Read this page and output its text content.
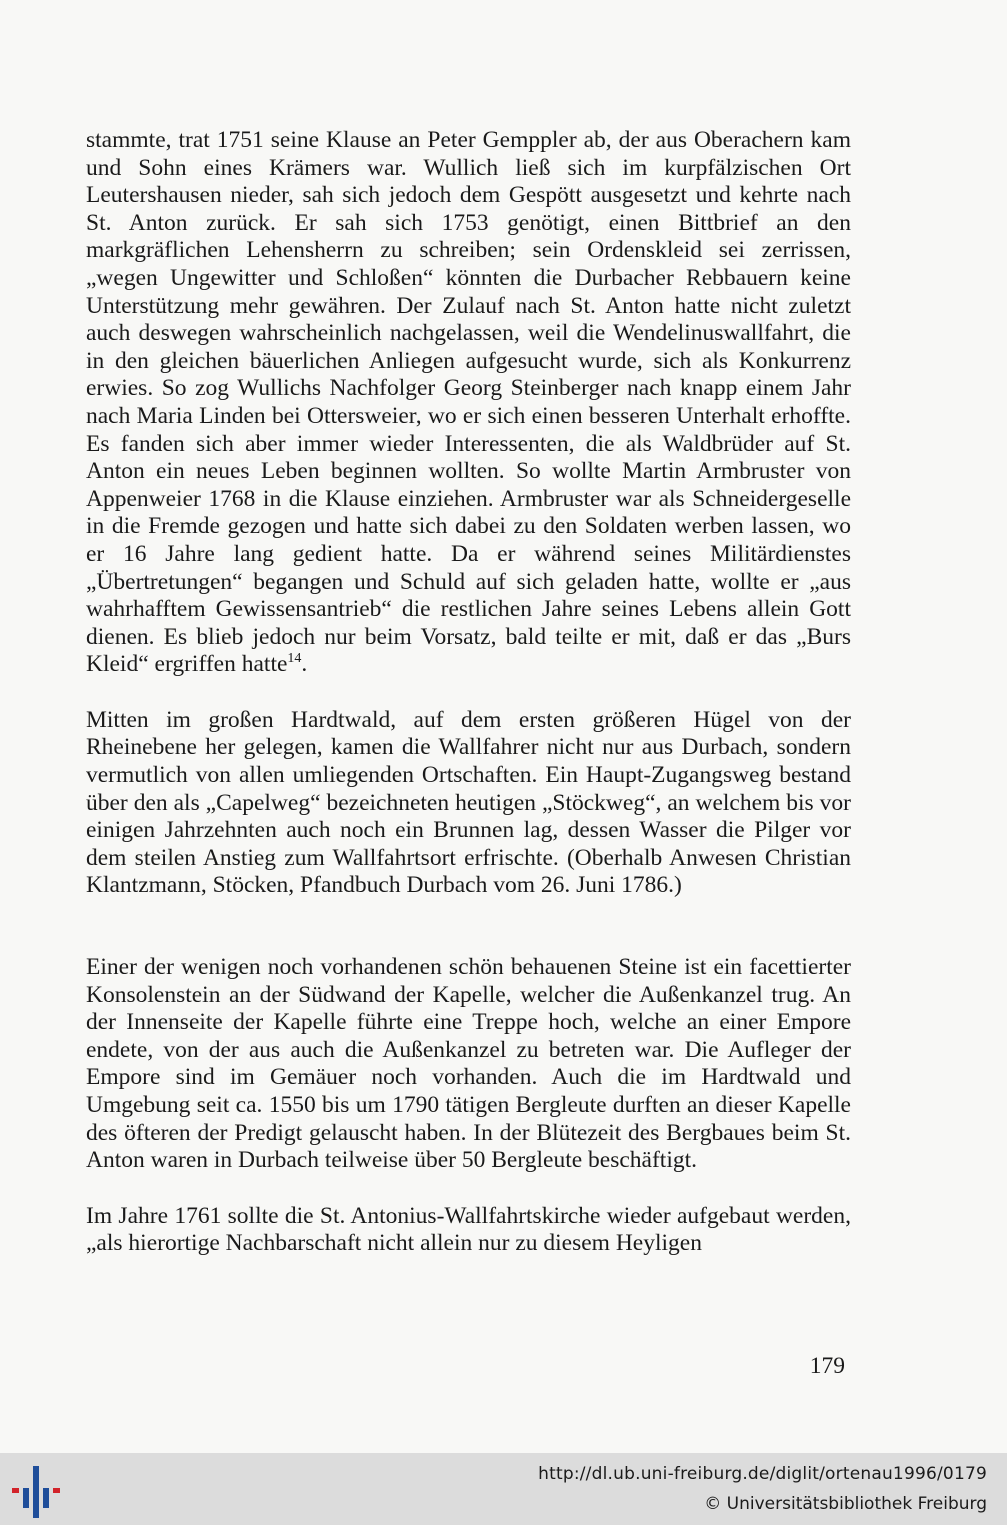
stammte, trat 1751 seine Klause an Peter Gemppler ab, der aus Oberachern kam und Sohn eines Krämers war. Wullich ließ sich im kurpfälzischen Ort Leutershausen nieder, sah sich jedoch dem Gespött ausgesetzt und kehrte nach St. Anton zurück. Er sah sich 1753 genötigt, einen Bittbrief an den markgräflichen Lehensherrn zu schreiben; sein Ordenskleid sei zerrissen, „wegen Ungewitter und Schloßen“ könnten die Durbacher Rebbauern keine Unterstützung mehr gewähren. Der Zulauf nach St. Anton hatte nicht zuletzt auch deswegen wahrscheinlich nachgelassen, weil die Wendelinuswallfahrt, die in den gleichen bäuerlichen Anliegen aufgesucht wurde, sich als Konkurrenz erwies. So zog Wullichs Nachfolger Georg Steinberger nach knapp einem Jahr nach Maria Linden bei Ottersweier, wo er sich einen besseren Unterhalt erhoffte. Es fanden sich aber immer wieder Interessenten, die als Waldbrüder auf St. Anton ein neues Leben beginnen wollten. So wollte Martin Armbruster von Appenweier 1768 in die Klause einziehen. Armbruster war als Schneidergeselle in die Fremde gezogen und hatte sich dabei zu den Soldaten werben lassen, wo er 16 Jahre lang gedient hatte. Da er während seines Militärdienstes „Übertretungen“ begangen und Schuld auf sich geladen hatte, wollte er „aus wahrhafftem Gewissensantrieb“ die restlichen Jahre seines Lebens allein Gott dienen. Es blieb jedoch nur beim Vorsatz, bald teilte er mit, daß er das „Burs Kleid“ ergriffen hatte$^{14}$.

Mitten im großen Hardtwald, auf dem ersten größeren Hügel von der Rheinebene her gelegen, kamen die Wallfahrer nicht nur aus Durbach, sondern vermutlich von allen umliegenden Ortschaften. Ein Haupt-Zugangsweg bestand über den als „Capelweg“ bezeichneten heutigen „Stöckweg“, an welchem bis vor einigen Jahrzehnten auch noch ein Brunnen lag, dessen Wasser die Pilger vor dem steilen Anstieg zum Wallfahrtsort erfrischte. (Oberhalb Anwesen Christian Klantzmann, Stöcken, Pfandbuch Durbach vom 26. Juni 1786.)

Einer der wenigen noch vorhandenen schön behauenen Steine ist ein facettierter Konsolenstein an der Südwand der Kapelle, welcher die Außenkanzel trug. An der Innenseite der Kapelle führte eine Treppe hoch, welche an einer Empore endete, von der aus auch die Außenkanzel zu betreten war. Die Aufleger der Empore sind im Gemäuer noch vorhanden. Auch die im Hardtwald und Umgebung seit ca. 1550 bis um 1790 tätigen Bergleute durften an dieser Kapelle des öfteren der Predigt gelauscht haben. In der Blütezeit des Bergbaues beim St. Anton waren in Durbach teilweise über 50 Bergleute beschäftigt.

Im Jahre 1761 sollte die St. Antonius-Wallfahrtskirche wieder aufgebaut werden, „als hierortige Nachbarschaft nicht allein nur zu diesem Heyligen

179
http://dl.ub.uni-freiburg.de/diglit/ortenau1996/0179
© Universitätsbibliothek Freiburg
